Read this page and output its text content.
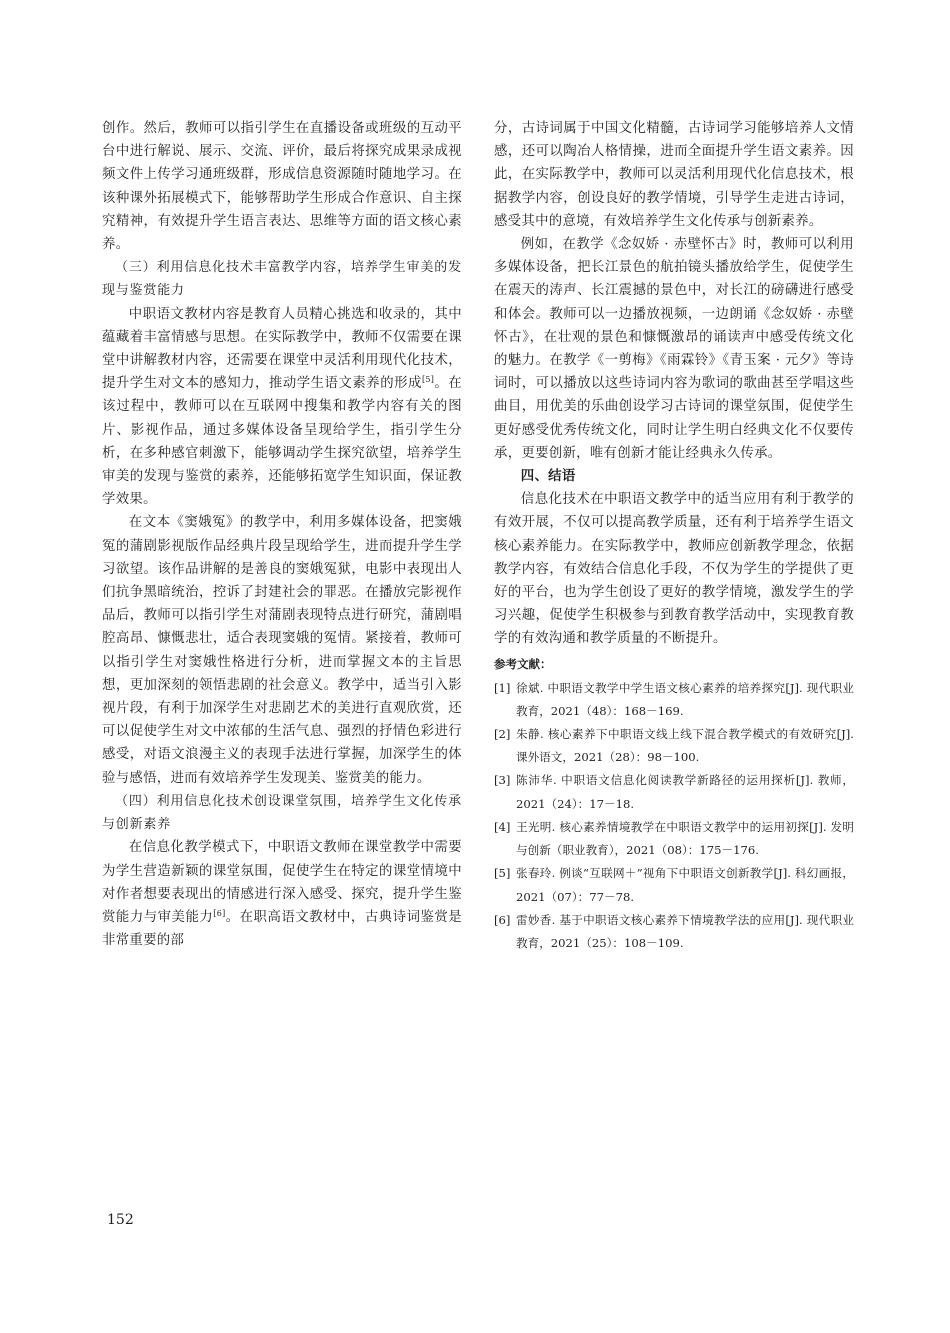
创作。然后，教师可以指引学生在直播设备或班级的互动平台中进行解说、展示、交流、评价，最后将探究成果录成视频文件上传学习通班级群，形成信息资源随时随地学习。在该种课外拓展模式下，能够帮助学生形成合作意识、自主探究精神，有效提升学生语言表达、思维等方面的语文核心素养。

（三）利用信息化技术丰富教学内容，培养学生审美的发现与鉴赏能力

中职语文教材内容是教育人员精心挑选和收录的，其中蕴藏着丰富情感与思想。在实际教学中，教师不仅需要在课堂中讲解教材内容，还需要在课堂中灵活利用现代化技术，提升学生对文本的感知力，推动学生语文素养的形成[5]。在该过程中，教师可以在互联网中搜集和教学内容有关的图片、影视作品，通过多媒体设备呈现给学生，指引学生分析，在多种感官刺激下，能够调动学生探究欲望，培养学生审美的发现与鉴赏的素养，还能够拓宽学生知识面，保证教学效果。

在文本《窦娥冤》的教学中，利用多媒体设备，把窦娥冤的蒲剧影视版作品经典片段呈现给学生，进而提升学生学习欲望。该作品讲解的是善良的窦娥冤狱，电影中表现出人们抗争黑暗统治，控诉了封建社会的罪恶。在播放完影视作品后，教师可以指引学生对蒲剧表现特点进行研究，蒲剧唱腔高昂、慷慨悲壮，适合表现窦娥的冤情。紧接着，教师可以指引学生对窦娥性格进行分析，进而掌握文本的主旨思想，更加深刻的领悟悲剧的社会意义。教学中，适当引入影视片段，有利于加深学生对悲剧艺术的美进行直观欣赏，还可以促使学生对文中浓郁的生活气息、强烈的抒情色彩进行感受，对语文浪漫主义的表现手法进行掌握，加深学生的体验与感悟，进而有效培养学生发现美、鉴赏美的能力。

（四）利用信息化技术创设课堂氛围，培养学生文化传承与创新素养

在信息化教学模式下，中职语文教师在课堂教学中需要为学生营造新颖的课堂氛围，促使学生在特定的课堂情境中对作者想要表现出的情感进行深入感受、探究，提升学生鉴赏能力与审美能力[6]。在职高语文教材中，古典诗词鉴赏是非常重要的部

分，古诗词属于中国文化精髓，古诗词学习能够培养人文情感，还可以陶冶人格情操，进而全面提升学生语文素养。因此，在实际教学中，教师可以灵活利用现代化信息技术，根据教学内容，创设良好的教学情境，引导学生走进古诗词，感受其中的意境，有效培养学生文化传承与创新素养。

例如，在教学《念奴娇 · 赤壁怀古》时，教师可以利用多媒体设备，把长江景色的航拍镜头播放给学生，促使学生在震天的涛声、长江震撼的景色中，对长江的磅礴进行感受和体会。教师可以一边播放视频，一边朗诵《念奴娇 · 赤壁怀古》，在壮观的景色和慷慨激昂的诵读声中感受传统文化的魅力。在教学《一剪梅》《雨霖铃》《青玉案 · 元夕》等诗词时，可以播放以这些诗词内容为歌词的歌曲甚至学唱这些曲目，用优美的乐曲创设学习古诗词的课堂氛围，促使学生更好感受优秀传统文化，同时让学生明白经典文化不仅要传承，更要创新，唯有创新才能让经典永久传承。

四、结语

信息化技术在中职语文教学中的适当应用有利于教学的有效开展，不仅可以提高教学质量，还有利于培养学生语文核心素养能力。在实际教学中，教师应创新教学理念，依据教学内容，有效结合信息化手段，不仅为学生的学提供了更好的平台，也为学生创设了更好的教学情境，激发学生的学习兴趣，促使学生积极参与到教育教学活动中，实现教育教学的有效沟通和教学质量的不断提升。

参考文献：
[1] 徐斌. 中职语文教学中学生语文核心素养的培养探究[J]. 现代职业教育，2021（48）：168－169.
[2] 朱静. 核心素养下中职语文线上线下混合教学模式的有效研究[J]. 课外语文，2021（28）：98－100.
[3] 陈沛华. 中职语文信息化阅读教学新路径的运用探析[J]. 教师，2021（24）：17－18.
[4] 王光明. 核心素养情境教学在中职语文教学中的运用初探[J]. 发明与创新（职业教育），2021（08）：175－176.
[5] 张春玲. 例谈“互联网＋”视角下中职语文创新教学[J]. 科幻画报，2021（07）：77－78.
[6] 雷妙香. 基于中职语文核心素养下情境教学法的应用[J]. 现代职业教育，2021（25）：108－109.
152
